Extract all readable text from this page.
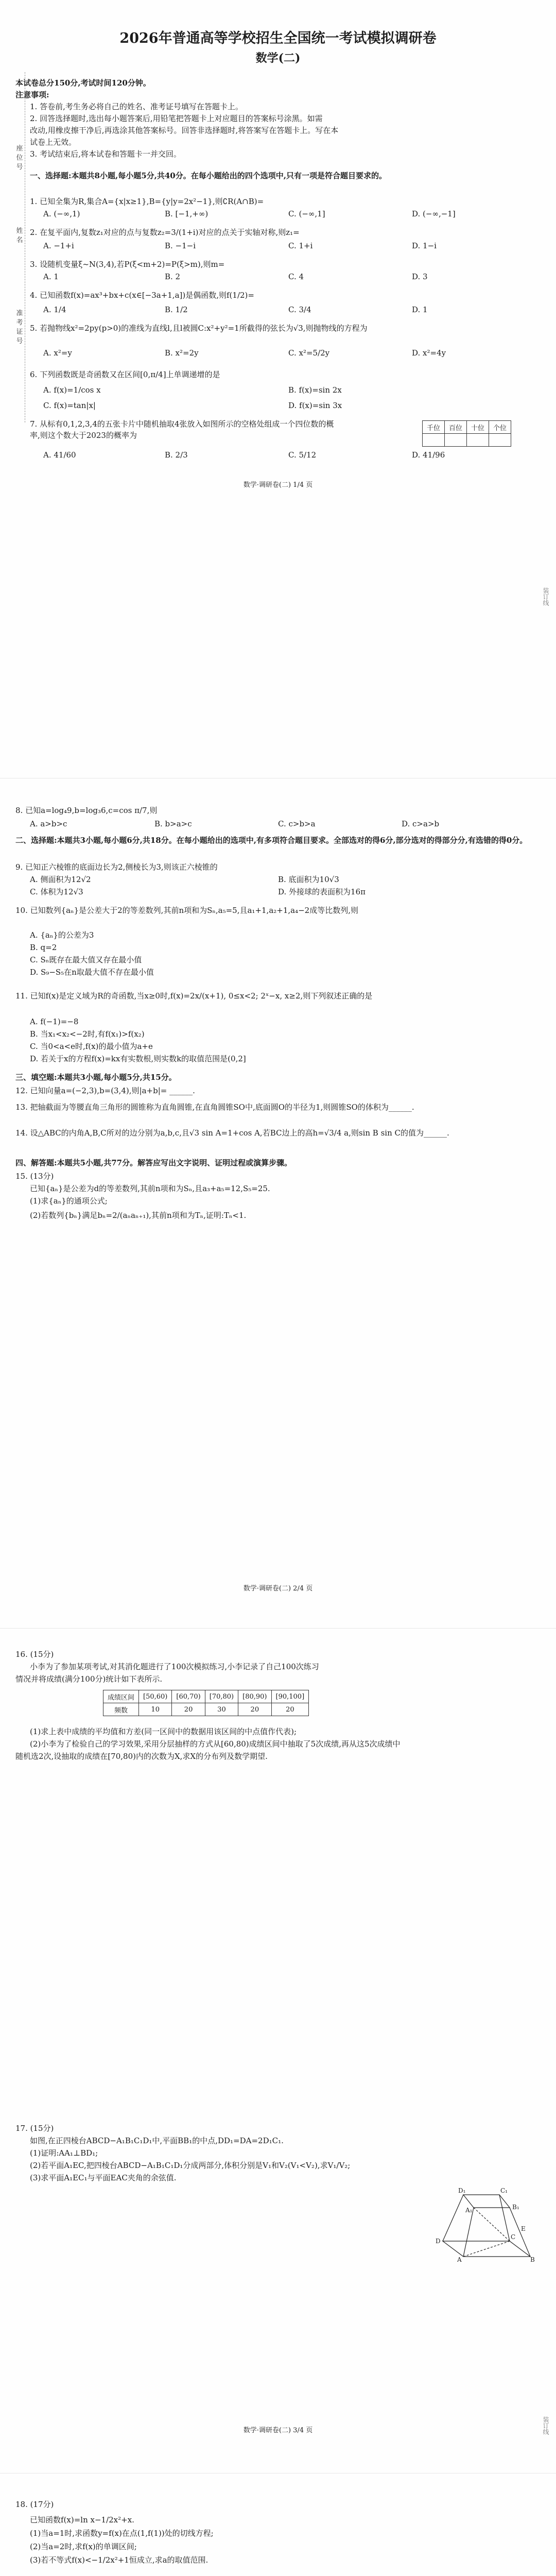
2026年普通高等学校招生全国统一考试模拟调研卷
数学(二)
本试卷总分150分,考试时间120分钟。
注意事项:
1. 答卷前,考生务必将自己的姓名、准考证号填写在答题卡上。
2. 回答选择题时,选出每小题答案后,用铅笔把答题卡上对应题目的答案标号涂黑。如需
改动,用橡皮擦干净后,再选涂其他答案标号。回答非选择题时,将答案写在答题卡上。写在本
试卷上无效。
3. 考试结束后,将本试卷和答题卡一并交回。
座位号
姓名
准考证号
一、选择题:本题共8小题,每小题5分,共40分。在每小题给出的四个选项中,只有一项是符合题目要求的。
1. 已知全集为R,集合A={x|x≥1},B={y|y=2x²−1},则∁R(A∩B)=
A. (−∞,1)	B. [−1,+∞)	C. (−∞,1]	D. (−∞,−1]
2. 在复平面内,复数z₁对应的点与复数z₂=3/(1+i)对应的点关于实轴对称,则z₁=
A. −1+i	B. −1−i	C. 1+i	D. 1−i
3. 设随机变量ξ~N(3,4),若P(ξ<m+2)=P(ξ>m),则m=
A. 1	B. 2	C. 4	D. 3
4. 已知函数f(x)=ax³+bx+c(x∈[−3a+1,a])是偶函数,则f(1/2)=
A. 1/4	B. 1/2	C. 3/4	D. 1
5. 若抛物线x²=2py(p>0)的准线为直线l,且l被圆C:x²+y²=1所截得的弦长为√3,则抛物线的方程为
A. x²=y	B. x²=2y	C. x²=5/2y	D. x²=4y
6. 下列函数既是奇函数又在区间[0,π/4]上单调递增的是
A. f(x)=1/cos x	B. f(x)=sin 2x
C. f(x)=tan|x|	D. f(x)=sin 3x
7. 从标有0,1,2,3,4的五张卡片中随机抽取4张放入如图所示的空格处组成一个四位数的概率,则这个数大于2023的概率为
千位	百位	十位	个位

A. 41/60	B. 2/3	C. 5/12	D. 41/96
数学·调研卷(二) 1/4 页
装订线
8. 已知a=log₄9,b=log₃6,c=cos π/7,则
A. a>b>c	B. b>a>c	C. c>b>a	D. c>a>b
二、选择题:本题共3小题,每小题6分,共18分。在每小题给出的选项中,有多项符合题目要求。全部选对的得6分,部分选对的得部分分,有选错的得0分。
9. 已知正六棱锥的底面边长为2,侧棱长为3,则该正六棱锥的
A. 侧面积为12√2	B. 底面积为10√3
C. 体积为12√3	D. 外接球的表面积为16π
10. 已知数列{aₙ}是公差大于2的等差数列,其前n项和为Sₙ,a₅=5,且a₁+1,a₂+1,a₄−2成等比数列,则
A. {aₙ}的公差为3
B. q=2
C. Sₙ既存在最大值又存在最小值
D. S₉−S₅在n取最大值不存在最小值
11. 已知f(x)是定义域为R的奇函数,当x≥0时,f(x)=2x/(x+1), 0≤x<2; 2ˣ−x, x≥2,则下列叙述正确的是
A. f(−1)=−8
B. 当x₁<x₂<−2时,有f(x₁)>f(x₂)
C. 当0<a<e时,f(x)的最小值为a+e
D. 若关于x的方程f(x)=kx有实数根,则实数k的取值范围是(0,2]
三、填空题:本题共3小题,每小题5分,共15分。
12. 已知向量a=(−2,3),b=(3,4),则|a+b|= ______.
13. 把轴截面为等腰直角三角形的圆锥称为直角圆锥,在直角圆锥SO中,底面圆O的半径为1,则圆锥SO的体积为______.
14. 设△ABC的内角A,B,C所对的边分别为a,b,c,且√3 sin A=1+cos A,若BC边上的高h=√3/4 a,则sin B sin C的值为______.
四、解答题:本题共5小题,共77分。解答应写出文字说明、证明过程或演算步骤。
15. (13分)
已知{aₙ}是公差为d的等差数列,其前n项和为Sₙ,且a₃+a₅=12,S₅=25.
(1)求{aₙ}的通项公式;
(2)若数列{bₙ}满足bₙ=2/(aₙaₙ₊₁),其前n项和为Tₙ,证明:Tₙ<1.
数学·调研卷(二) 2/4 页
16. (15分)
小李为了参加某项考试,对其消化题进行了100次模拟练习,小李记录了自己100次练习
情况并将成绩(满分100分)统计如下表所示.
成绩区间	[50,60)	[60,70)	[70,80)	[80,90)	[90,100]
频数	10	20	30	20	20
(1)求上表中成绩的平均值和方差(同一区间中的数据用该区间的中点值作代表);
(2)小李为了检验自己的学习效果,采用分层抽样的方式从[60,80)成绩区间中抽取了5次成绩,再从这5次成绩中
随机选2次,设抽取的成绩在[70,80)内的次数为X,求X的分布列及数学期望.
17. (15分)
如图,在正四棱台ABCD−A₁B₁C₁D₁中,平面BB₁的中点,DD₁=DA=2D₁C₁.
(1)证明:AA₁⊥BD₁;
(2)若平面A₁EC,把四棱台ABCD−A₁B₁C₁D₁分成两部分,体积分别是V₁和V₂(V₁<V₂),求V₁/V₂;
(3)求平面A₁EC₁与平面EAC夹角的余弦值.
D₁	C₁
A₁	B₁
E
D
C
A	B
数学·调研卷(二) 3/4 页	装订线
18. (17分)
已知函数f(x)=ln x−1/2x²+x.
(1)当a=1时,求函数y=f(x)在点(1,f(1))处的切线方程;
(2)当a=2时,求f(x)的单调区间;
(3)若不等式f(x)<−1/2x²+1恒成立,求a的取值范围.
